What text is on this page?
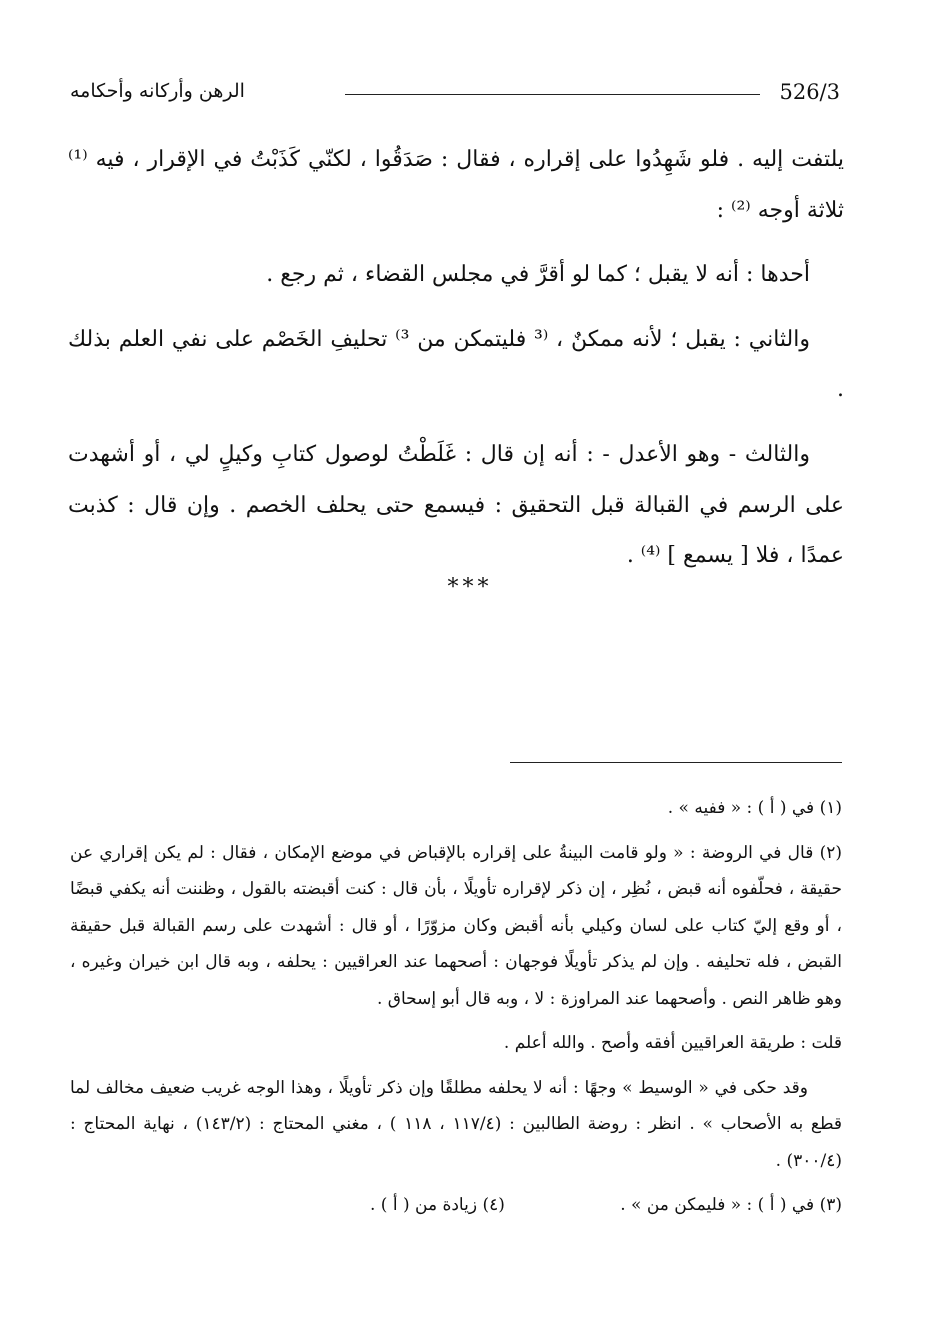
526/3
الرهن وأركانه وأحكامه

يلتفت إليه . فلو شَهِدُوا على إقراره ، فقال : صَدَقُوا ، لكنّي كَذَبْتُ في الإقرار ، فيه ⁽¹⁾ ثلاثة أوجه ⁽²⁾ :

أحدها : أنه لا يقبل ؛ كما لو أقرَّ في مجلس القضاء ، ثم رجع .

والثاني : يقبل ؛ لأنه ممكنٌ ، ⁽³ فليتمكن من ³⁾ تحليفِ الخَصْم على نفي العلم بذلك .

والثالث - وهو الأعدل - : أنه إن قال : غَلَطْتُ لوصول كتابِ وكيلٍ لي ، أو أشهدت على الرسم في القبالة قبل التحقيق : فيسمع حتى يحلف الخصم . وإن قال : كذبت عمدًا ، فلا [ يسمع ] ⁽⁴⁾ .

***

(١) في ( أ ) : « ففيه » .

(٢) قال في الروضة : « ولو قامت البينةُ على إقراره بالإقباض في موضع الإمكان ، فقال : لم يكن إقراري عن حقيقة ، فحلّفوه أنه قبض ، نُظِر ، إن ذكر لإقراره تأويلًا ، بأن قال : كنت أقبضته بالقول ، وظننت أنه يكفي قبضًا ، أو وقع إليّ كتاب على لسان وكيلي بأنه أقبض وكان مزوّرًا ، أو قال : أشهدت على رسم القبالة قبل حقيقة القبض ، فله تحليفه . وإن لم يذكر تأويلًا فوجهان : أصحهما عند العراقيين : يحلفه ، وبه قال ابن خيران وغيره ، وهو ظاهر النص . وأصحهما عند المراوزة : لا ، وبه قال أبو إسحاق .

قلت : طريقة العراقيين أفقه وأصح . والله أعلم .

وقد حكى في « الوسيط » وجهًا : أنه لا يحلفه مطلقًا وإن ذكر تأويلًا ، وهذا الوجه غريب ضعيف مخالف لما قطع به الأصحاب » . انظر : روضة الطالبين : (١١٧/٤ ، ١١٨ ) ، مغني المحتاج : (١٤٣/٢) ، نهاية المحتاج : (٣٠٠/٤) .

(٣) في ( أ ) : « فليمكن من » .
(٤) زيادة من ( أ ) .
